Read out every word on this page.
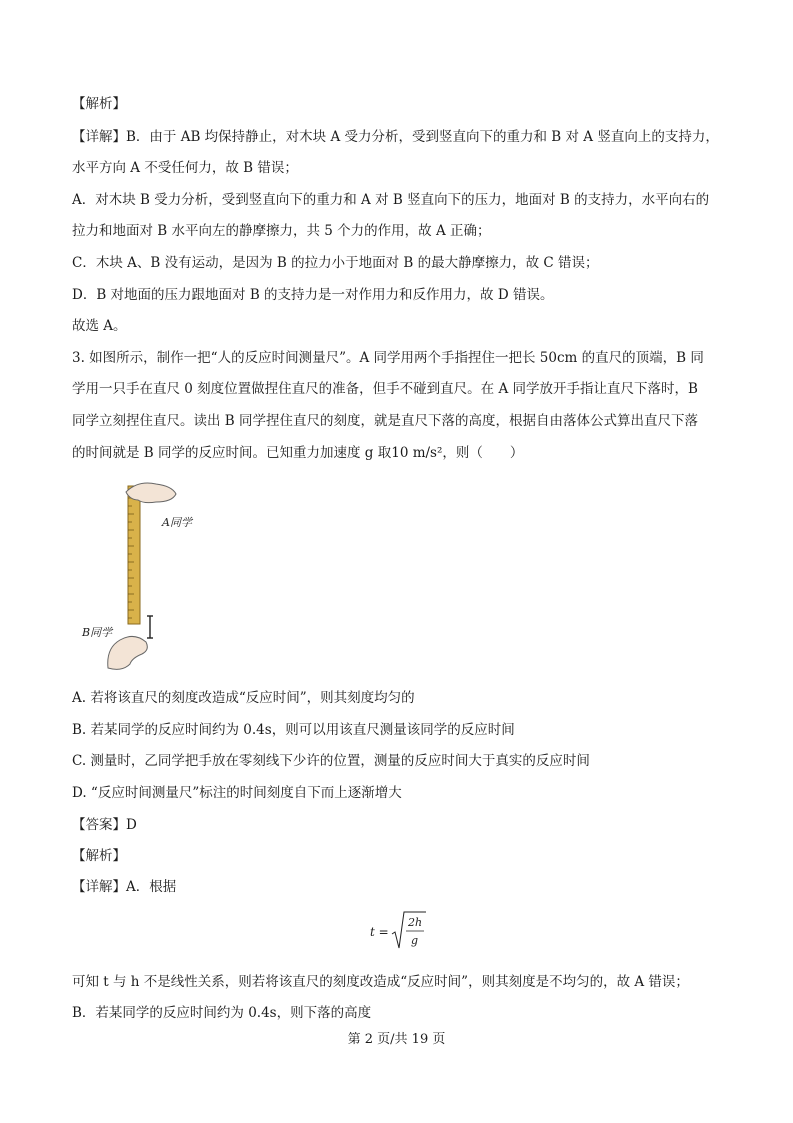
【解析】
【详解】B．由于 AB 均保持静止，对木块 A 受力分析，受到竖直向下的重力和 B 对 A 竖直向上的支持力，
水平方向 A 不受任何力，故 B 错误；
A．对木块 B 受力分析，受到竖直向下的重力和 A 对 B 竖直向下的压力，地面对 B 的支持力，水平向右的
拉力和地面对 B 水平向左的静摩擦力，共 5 个力的作用，故 A 正确；
C．木块 A、B 没有运动，是因为 B 的拉力小于地面对 B 的最大静摩擦力，故 C 错误；
D．B 对地面的压力跟地面对 B 的支持力是一对作用力和反作用力，故 D 错误。
故选 A。
3. 如图所示，制作一把“人的反应时间测量尺”。A 同学用两个手指捏住一把长 50cm 的直尺的顶端，B 同
学用一只手在直尺 0 刻度位置做捏住直尺的准备，但手不碰到直尺。在 A 同学放开手指让直尺下落时，B
同学立刻捏住直尺。读出 B 同学捏住直尺的刻度，就是直尺下落的高度，根据自由落体公式算出直尺下落
的时间就是 B 同学的反应时间。已知重力加速度 g 取10 m/s²，则（　　）
A同学
B同学
A. 若将该直尺的刻度改造成“反应时间”，则其刻度均匀的
B. 若某同学的反应时间约为 0.4s，则可以用该直尺测量该同学的反应时间
C. 测量时，乙同学把手放在零刻线下少许的位置，测量的反应时间大于真实的反应时间
D. “反应时间测量尺”标注的时间刻度自下而上逐渐增大
【答案】D
【解析】
【详解】A．根据
t =
2h
g
可知 t 与 h 不是线性关系，则若将该直尺的刻度改造成“反应时间”，则其刻度是不均匀的，故 A 错误；
B．若某同学的反应时间约为 0.4s，则下落的高度
第 2 页/共 19 页
